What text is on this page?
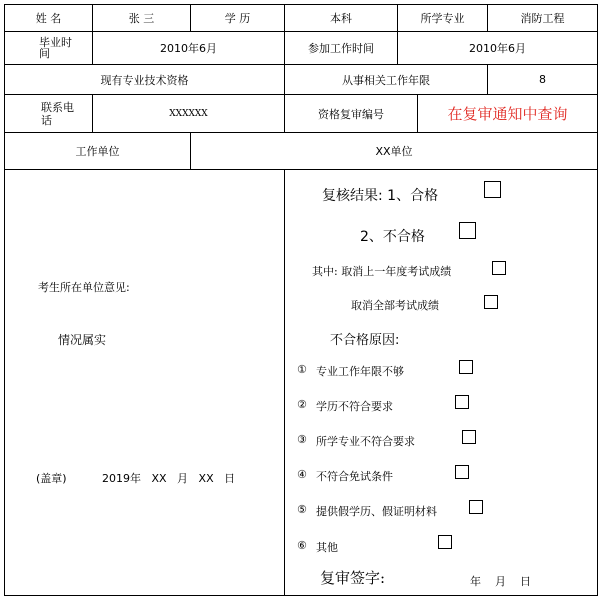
姓 名	张 三	学 历	本科	所学专业	消防工程
毕业时间	2010年6月	参加工作时间	2010年6月
现有专业技术资格	从事相关工作年限	8
联系电话	XXXXXX	资格复审编号	在复审通知中查询
工作单位	XX单位
考生所在单位意见:
情况属实
(盖章)	2019年   XX   月   XX   日
复核结果: 1、合格
2、不合格
其中: 取消上一年度考试成绩
取消全部考试成绩
不合格原因:
① 专业工作年限不够
② 学历不符合要求
③ 所学专业不符合要求
④ 不符合免试条件
⑤ 提供假学历、假证明材料
⑥ 其他
复审签字:	年    月    日
